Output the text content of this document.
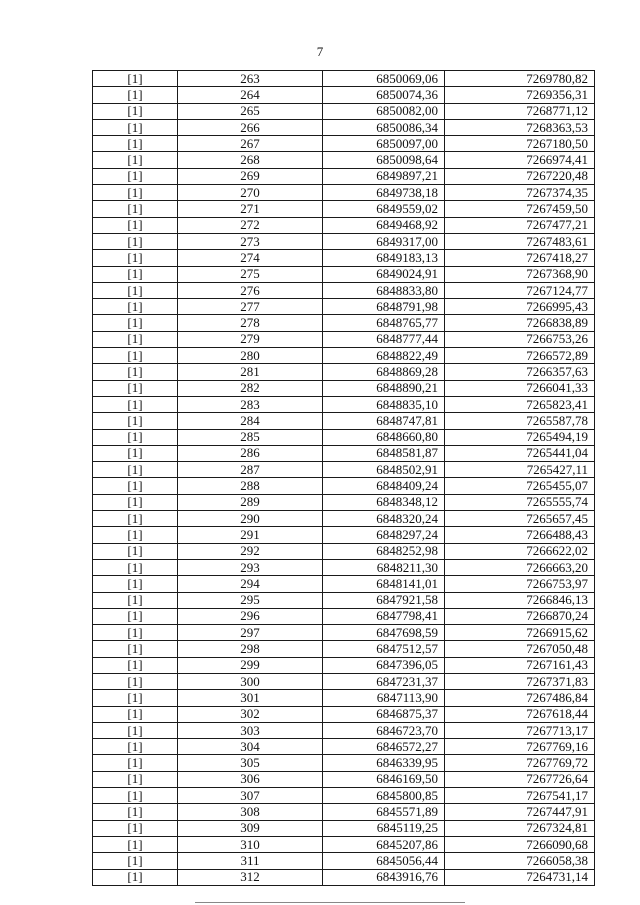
7
[1]	263	6850069,06	7269780,82
[1]	264	6850074,36	7269356,31
[1]	265	6850082,00	7268771,12
[1]	266	6850086,34	7268363,53
[1]	267	6850097,00	7267180,50
[1]	268	6850098,64	7266974,41
[1]	269	6849897,21	7267220,48
[1]	270	6849738,18	7267374,35
[1]	271	6849559,02	7267459,50
[1]	272	6849468,92	7267477,21
[1]	273	6849317,00	7267483,61
[1]	274	6849183,13	7267418,27
[1]	275	6849024,91	7267368,90
[1]	276	6848833,80	7267124,77
[1]	277	6848791,98	7266995,43
[1]	278	6848765,77	7266838,89
[1]	279	6848777,44	7266753,26
[1]	280	6848822,49	7266572,89
[1]	281	6848869,28	7266357,63
[1]	282	6848890,21	7266041,33
[1]	283	6848835,10	7265823,41
[1]	284	6848747,81	7265587,78
[1]	285	6848660,80	7265494,19
[1]	286	6848581,87	7265441,04
[1]	287	6848502,91	7265427,11
[1]	288	6848409,24	7265455,07
[1]	289	6848348,12	7265555,74
[1]	290	6848320,24	7265657,45
[1]	291	6848297,24	7266488,43
[1]	292	6848252,98	7266622,02
[1]	293	6848211,30	7266663,20
[1]	294	6848141,01	7266753,97
[1]	295	6847921,58	7266846,13
[1]	296	6847798,41	7266870,24
[1]	297	6847698,59	7266915,62
[1]	298	6847512,57	7267050,48
[1]	299	6847396,05	7267161,43
[1]	300	6847231,37	7267371,83
[1]	301	6847113,90	7267486,84
[1]	302	6846875,37	7267618,44
[1]	303	6846723,70	7267713,17
[1]	304	6846572,27	7267769,16
[1]	305	6846339,95	7267769,72
[1]	306	6846169,50	7267726,64
[1]	307	6845800,85	7267541,17
[1]	308	6845571,89	7267447,91
[1]	309	6845119,25	7267324,81
[1]	310	6845207,86	7266090,68
[1]	311	6845056,44	7266058,38
[1]	312	6843916,76	7264731,14
